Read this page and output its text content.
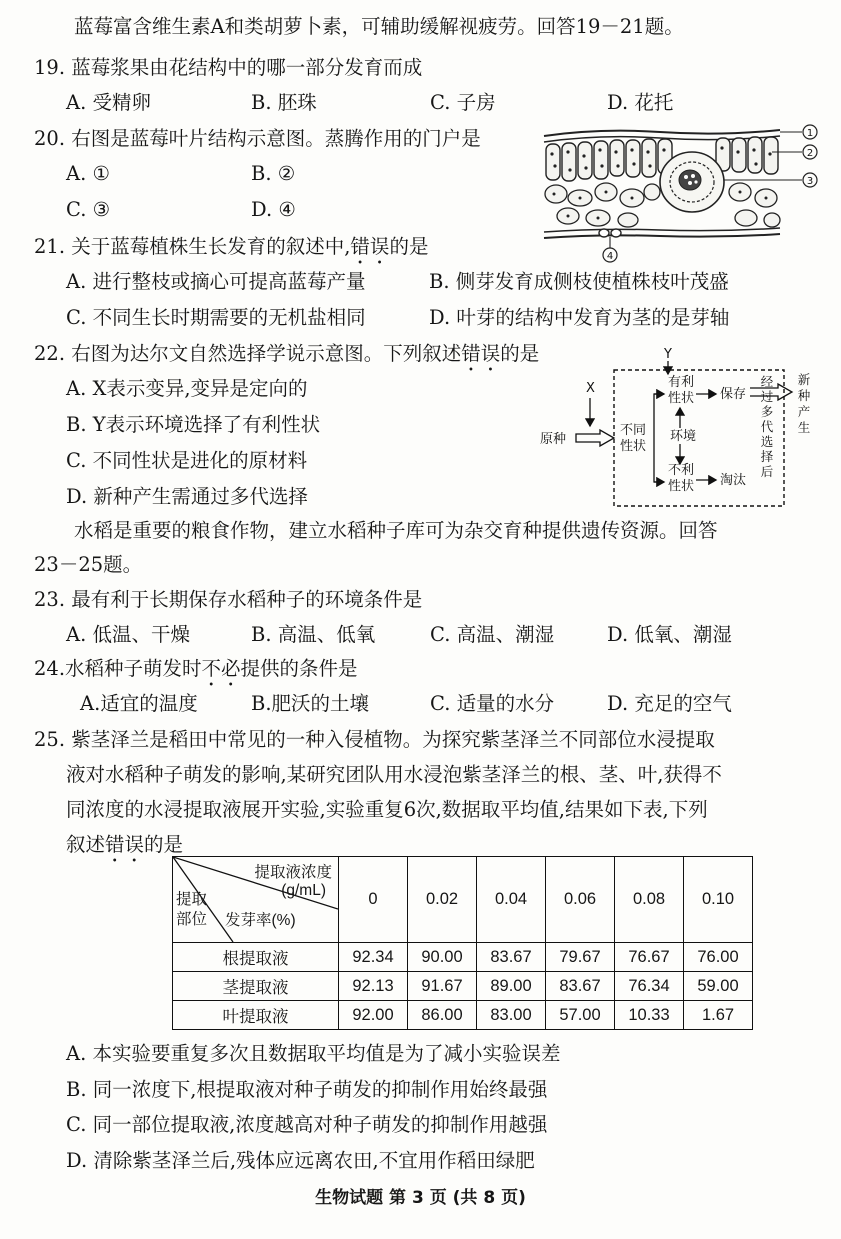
蓝莓富含维生素A和类胡萝卜素，可辅助缓解视疲劳。回答19－21题。
19. 蓝莓浆果由花结构中的哪一部分发育而成
A. 受精卵	B. 胚珠	C. 子房	D. 花托
20. 右图是蓝莓叶片结构示意图。蒸腾作用的门户是
A. ①	B. ②
C. ③	D. ④
1
2
3
4
21. 关于蓝莓植株生长发育的叙述中,错误的是
A. 进行整枝或摘心可提高蓝莓产量	B. 侧芽发育成侧枝使植株枝叶茂盛
C. 不同生长时期需要的无机盐相同	D. 叶芽的结构中发育为茎的是芽轴
22. 右图为达尔文自然选择学说示意图。下列叙述错误的是
A. X表示变异,变异是定向的
B. Y表示环境选择了有利性状
C. 不同性状是进化的原材料
D. 新种产生需通过多代选择
Y
X
原种
不同
性状
有利
性状
环境
不利
性状
保存
淘汰
经
过
多
代
选
择
后
新
种
产
生
水稻是重要的粮食作物，建立水稻种子库可为杂交育种提供遗传资源。回答
23－25题。
23. 最有利于长期保存水稻种子的环境条件是
A. 低温、干燥	B. 高温、低氧	C. 高温、潮湿	D. 低氧、潮湿
24.水稻种子萌发时不必提供的条件是
A.适宜的温度	B.肥沃的土壤	C. 适量的水分	D. 充足的空气
25. 紫茎泽兰是稻田中常见的一种入侵植物。为探究紫茎泽兰不同部位水浸提取
液对水稻种子萌发的影响,某研究团队用水浸泡紫茎泽兰的根、茎、叶,获得不
同浓度的水浸提取液展开实验,实验重复6次,数据取平均值,结果如下表,下列
叙述错误的是
提取液浓度
(g/mL)
发芽率(%)
提取部位	0	0.02	0.04	0.06	0.08	0.10
根提取液	92.34	90.00	83.67	79.67	76.67	76.00
茎提取液	92.13	91.67	89.00	83.67	76.34	59.00
叶提取液	92.00	86.00	83.00	57.00	10.33	1.67
A. 本实验要重复多次且数据取平均值是为了减小实验误差
B. 同一浓度下,根提取液对种子萌发的抑制作用始终最强
C. 同一部位提取液,浓度越高对种子萌发的抑制作用越强
D. 清除紫茎泽兰后,残体应远离农田,不宜用作稻田绿肥
生物试题 第 3 页 (共 8 页)
